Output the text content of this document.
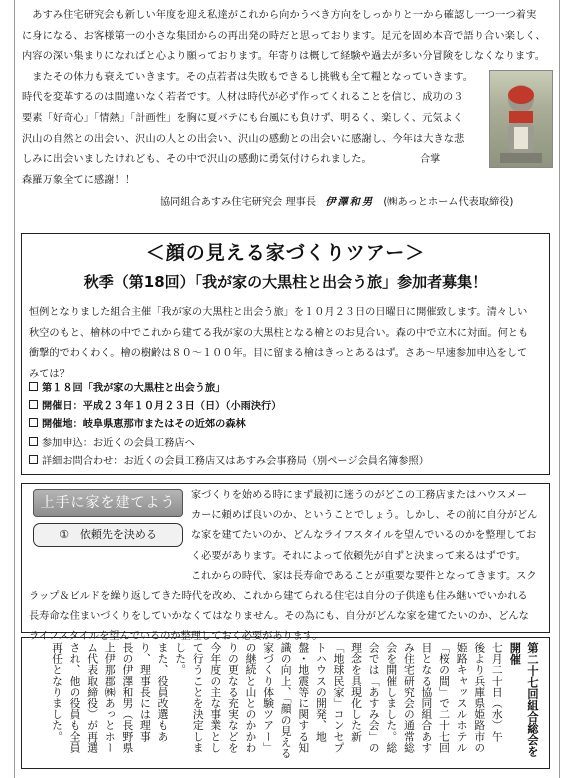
　あすみ住宅研究会も新しい年度を迎え私達がこれから向かうべき方向をしっかりと一から確認し一つ一つ着実
に身になる、お客様第一の小さな集団からの再出発の時だと思っております。足元を固め本音で語り合い楽しく、
内容の深い集まりになればと心より願っております。年寄りは概して経験や過去が多い分冒険をしなくなります。
　またその体力も衰えていきます。その点若者は失敗もできるし挑戦も全て糧となっていきます。
時代を変革するのは間違いなく若者です。人材は時代が必ず作ってくれることを信じ、成功の３
要素「好奇心」「情熱」「計画性」を胸に夏バテにも台風にも負けず、明るく、楽しく、元気よく
沢山の自然との出会い、沢山の人との出会い、沢山の感動との出会いに感謝し、今年は大きな悲
しみに出会いましたけれども、その中で沢山の感動に勇気付けられました。
森羅万象全てに感謝！！
合掌
協同組合あすみ住宅研究会 理事長 伊澤和男 (㈱あっとホーム代表取締役)
＜顔の見える家づくりツアー＞
秋季（第18回）「我が家の大黒柱と出会う旅」参加者募集！
恒例となりました組合主催「我が家の大黒柱と出会う旅」を１０月２３日の日曜日に開催致します。清々しい
秋空のもと、檜林の中でこれから建てる我が家の大黒柱となる檜とのお見合い。森の中で立木に対面。何とも
衝撃的でわくわく。檜の樹齢は８０～１００年。目に留まる檜はきっとあるはず。さあ～早速参加申込をして
みては？
第１８回「我が家の大黒柱と出会う旅」
開催日：平成２３年１０月２３日（日）（小雨決行）
開催地：岐阜県恵那市またはその近郊の森林
参加申込：お近くの会員工務店へ
詳細お問合わせ：お近くの会員工務店又はあすみ会事務局（別ページ会員名簿参照）
家づくりを始める時にまず最初に迷うのがどこの工務店またはハウスメー
カーに頼めば良いのか、ということでしょう。しかし、その前に自分がどん
な家を建てたいのか、どんなライフスタイルを望んでいるのかを整理してお
く必要があります。それによって依頼先が自ずと決まって来るはずです。
これからの時代、家は長寿命であることが重要な要件となってきます。スク
ラップ＆ビルドを繰り返してきた時代を改め、これから建てられる住宅は自分の子供達も住み継いでいかれる
長寿命な住まいづくりをしていかなくてはなりません。その為にも、自分がどんな家を建てたいのか、どんな
ライフスタイルを望んでいるのか整理しておく必要があります。
上手に家を建てよう
①　依頼先を決める

第二十七回組合総会を開催

七月二十日（水）午

後より兵庫県姫路市の

姫路キャッスルホテル

「桜の間」で二十七回

目となる協同組合あす

み住宅研究会の通常総

会を開催しました。総

会では「あすみ会」の

理念を具現化した新

「地球民家」コンセプ

トハウスの開発、地

盤・地震等に関する知

識の向上、「顔の見える

家づくり体験ツアー」

の継続と山とのかかわ

りの更なる充実などを

今年度の主な事業とし

て行うことを決定しま

した。

また、役員改選もあ

り、理事長には理事

長の伊澤和男（長野県

上伊那郡㈱あっとホー

ム代表取締役）が再選

され、他の役員も全員

再任となりました。
